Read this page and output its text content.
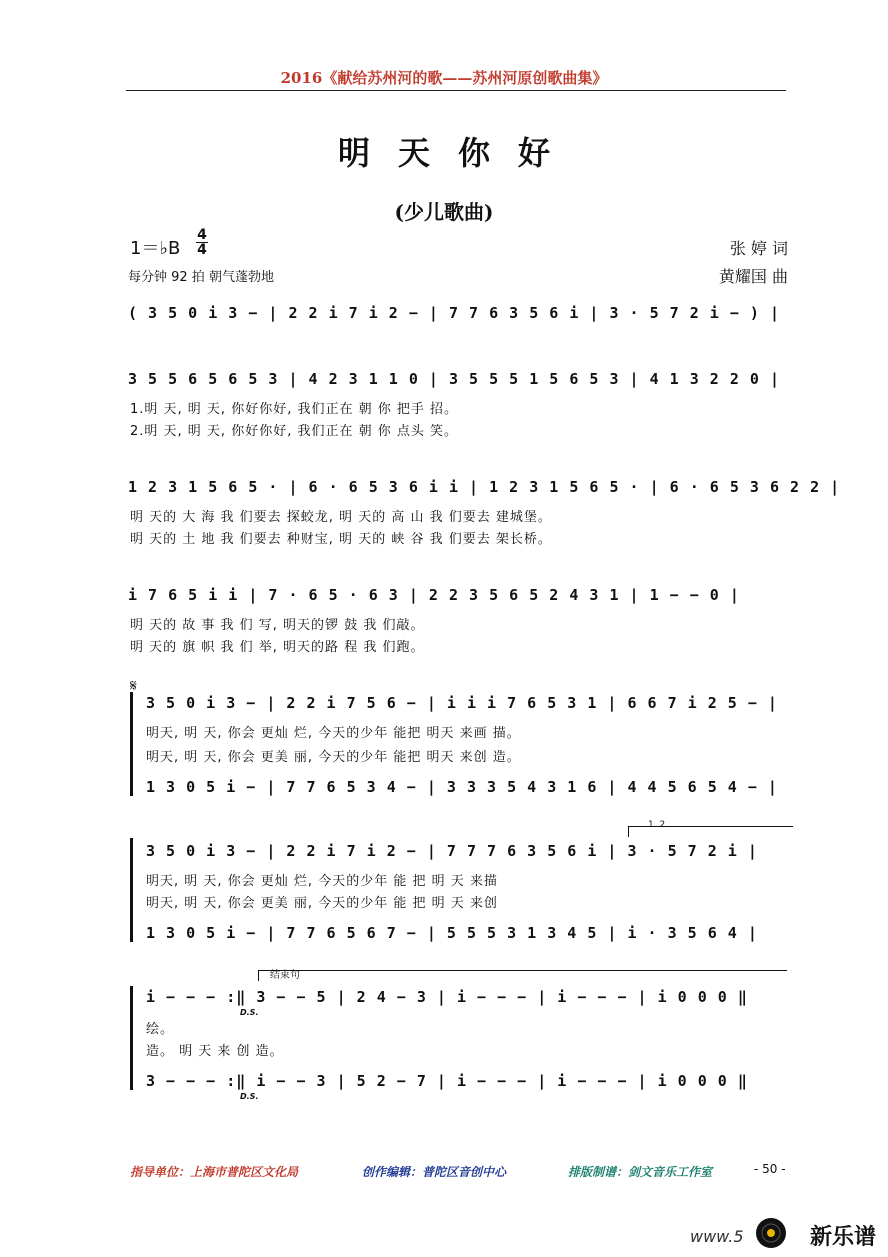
2016《献给苏州河的歌——苏州河原创歌曲集》
明天你好
(少儿歌曲)
1＝♭B
4
4
每分钟 92 拍 朝气蓬勃地
张 婷 词
黄耀国 曲
( 3 5 0 i 3 − | 2 2 i 7 i 2 − | 7 7 6 3 5 6 i | 3 · 5 7 2 i − ) |
3 5 5 6 5 6 5 3 | 4 2 3 1 1 0 | 3 5 5 5 1 5 6 5 3 | 4 1 3 2 2 0 |
1.明 天, 明 天, 你好你好, 我们正在 朝 你 把手 招。
2.明 天, 明 天, 你好你好, 我们正在 朝 你 点头 笑。
1 2 3 1 5 6 5 · | 6 · 6 5 3 6 i i | 1 2 3 1 5 6 5 · | 6 · 6 5 3 6 2 2 |
明 天的 大 海 我 们要去 探蛟龙, 明 天的 高 山 我 们要去 建城堡。
明 天的 土 地 我 们要去 种财宝, 明 天的 峡 谷 我 们要去 架长桥。
i 7 6 5 i i | 7 · 6 5 · 6 3 | 2 2 3 5 6 5 2 4 3 1 | 1 − − 0 |
明 天的 故 事 我 们 写, 明天的锣 鼓 我 们敲。
明 天的 旗 帜 我 们 举, 明天的路 程 我 们跑。
𝄋
3 5 0 i 3 − | 2 2 i 7 5 6 − | i i i 7 6 5 3 1 | 6 6 7 i 2 5 − |
明天, 明 天, 你会 更灿 烂, 今天的少年 能把 明天 来画 描。
明天, 明 天, 你会 更美 丽, 今天的少年 能把 明天 来创 造。
1 3 0 5 i − | 7 7 6 5 3 4 − | 3 3 3 5 4 3 1 6 | 4 4 5 6 5 4 − |
1. 2.
3 5 0 i 3 − | 2 2 i 7 i 2 − | 7 7 7 6 3 5 6 i | 3 · 5 7 2 i |
明天, 明 天, 你会 更灿 烂, 今天的少年 能 把 明 天 来描
明天, 明 天, 你会 更美 丽, 今天的少年 能 把 明 天 来创
1 3 0 5 i − | 7 7 6 5 6 7 − | 5 5 5 3 1 3 4 5 | i · 3 5 6 4 |
结束句
i − − − :‖ 3 − − 5 | 2 4 − 3 | i − − − | i − − − | i 0 0 0 ‖
D.S.
绘。
造。 明 天 来 创 造。
3 − − − :‖ i − − 3 | 5 2 − 7 | i − − − | i − − − | i 0 0 0 ‖
D.S.
指导单位：上海市普陀区文化局	创作编辑：普陀区音创中心	排版制谱：剑文音乐工作室	- 50 -
www.5	新乐谱
